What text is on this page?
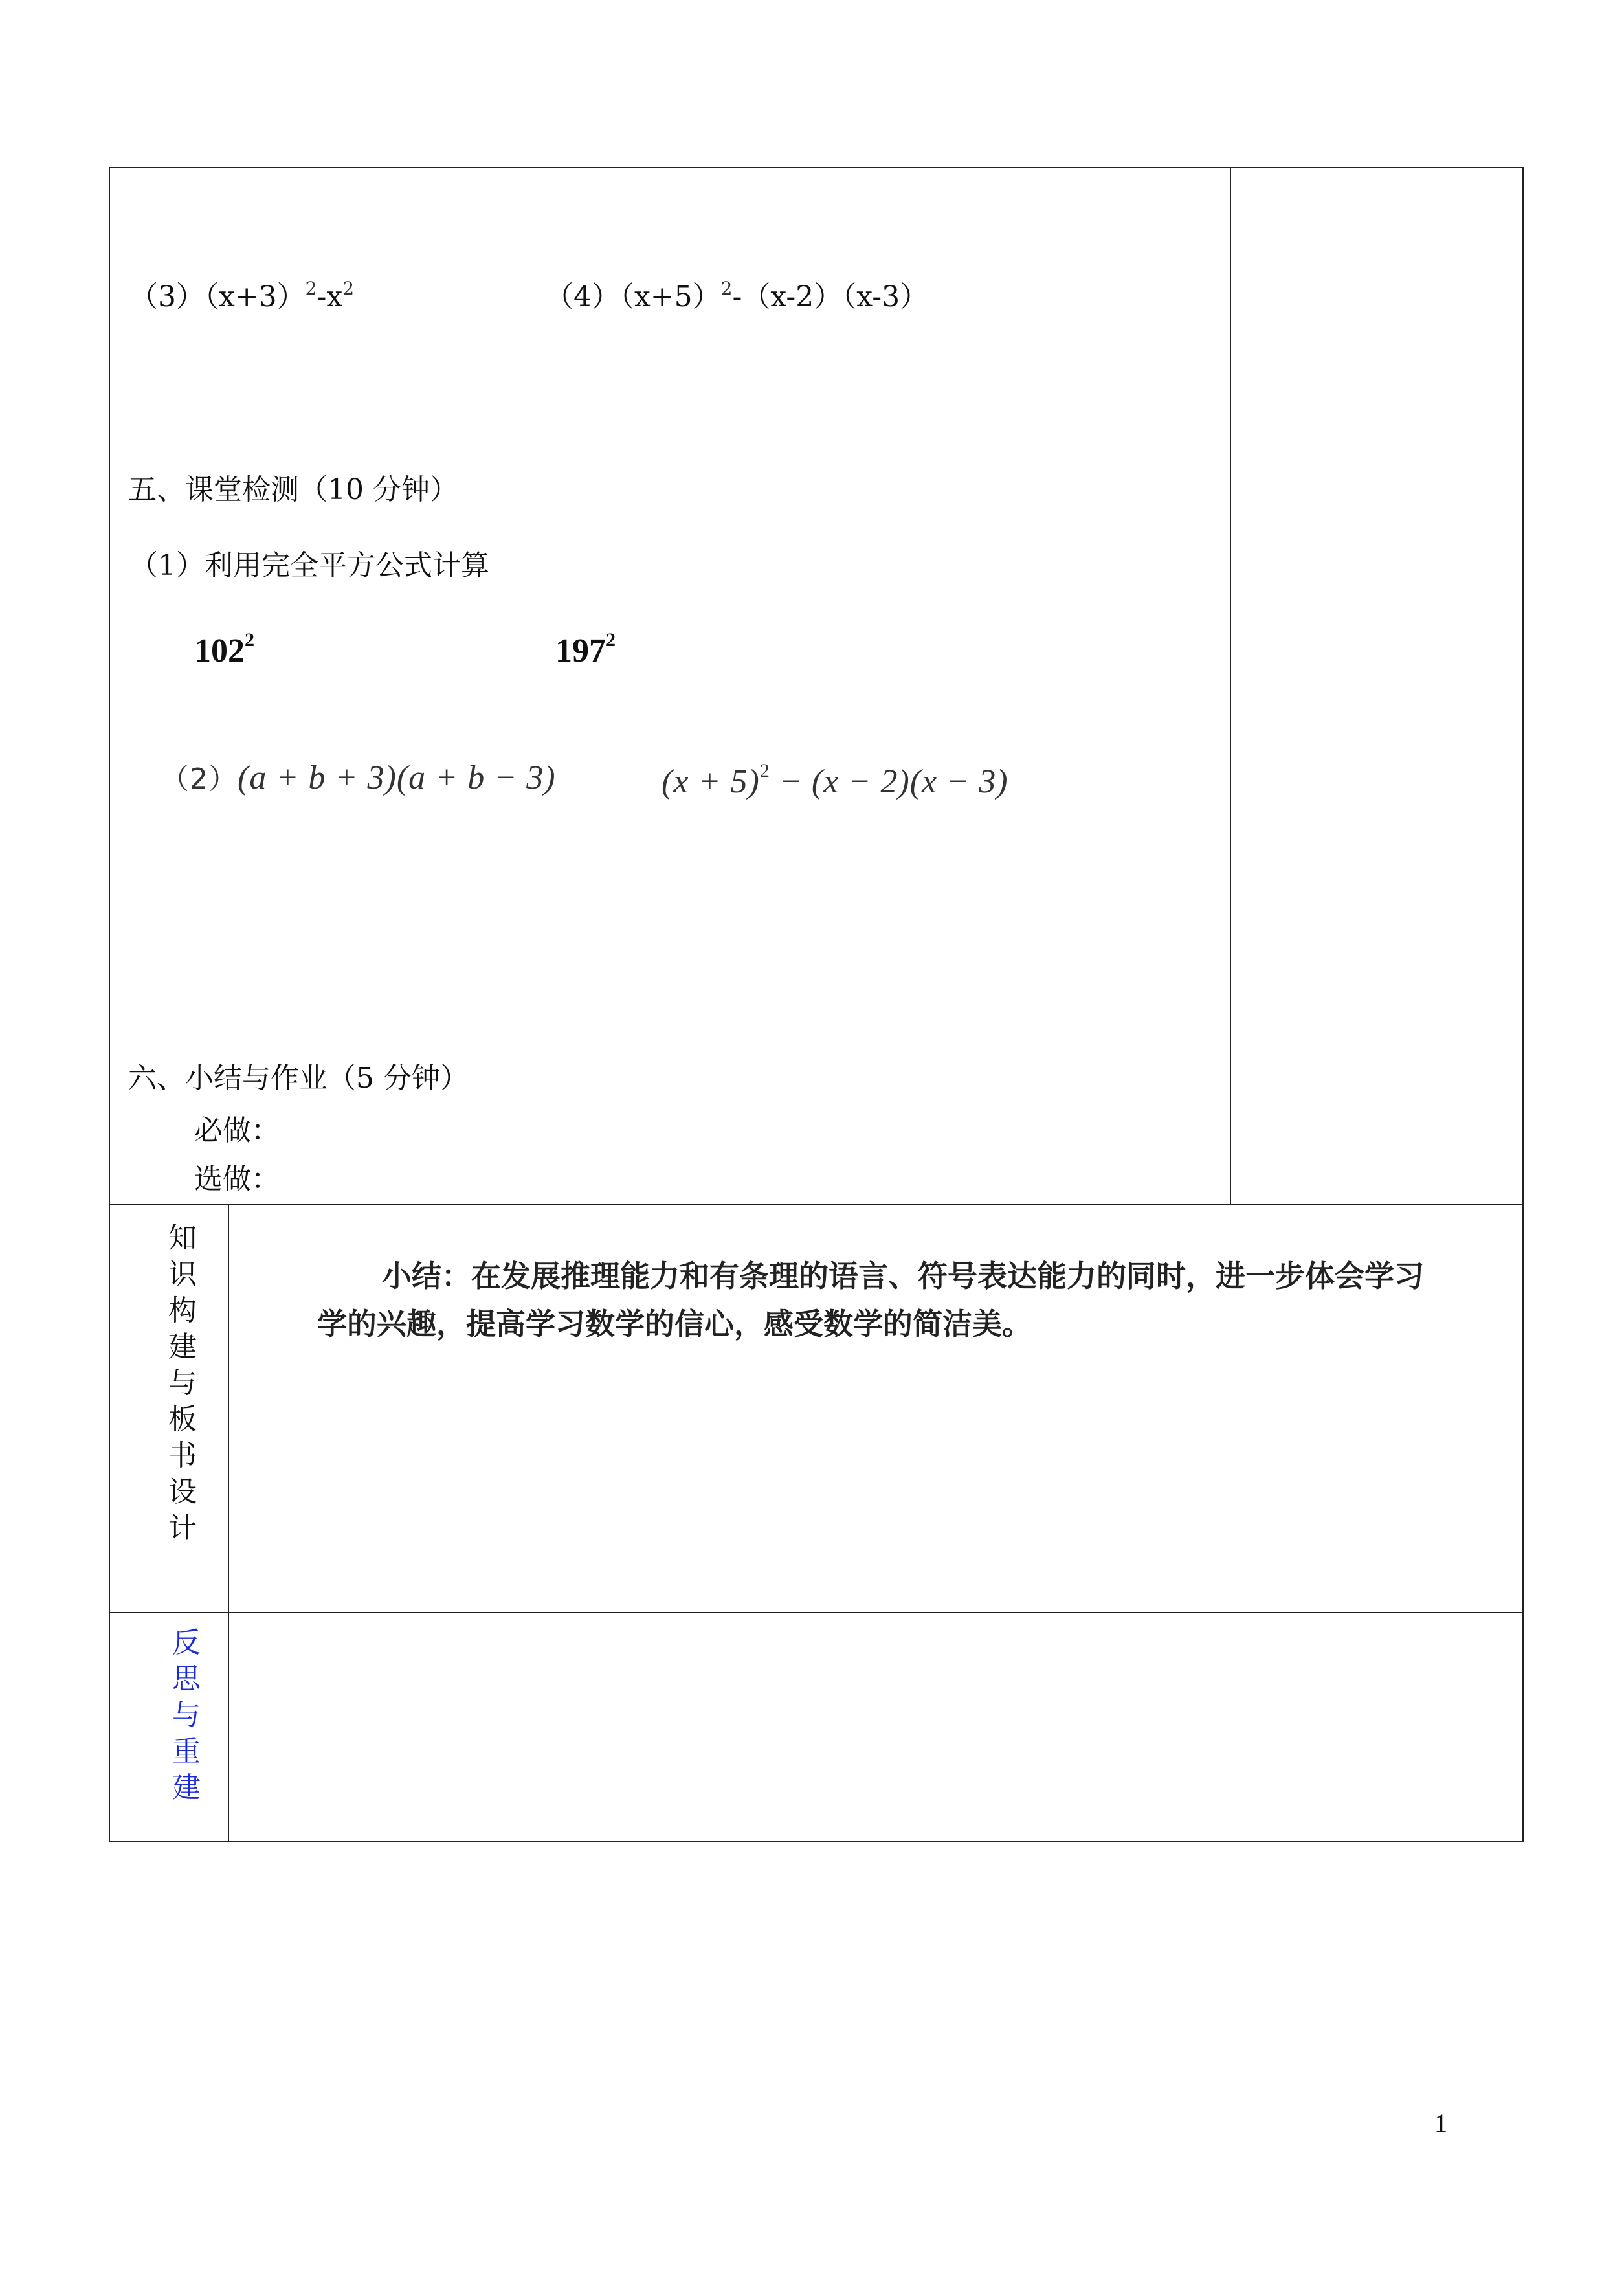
$(3)(x+3)^2-x^2$	$(4)(x+5)^2-(x-2)(x-3)$
五、课堂检测（10 分钟）
（1）利用完全平方公式计算
$102^2$	$197^2$
（2）(a + b + 3)(a + b − 3)	$(x + 5)^2 - (x - 2)(x - 3)$
六、小结与作业（5 分钟）
必做：
选做：
知识构建与板书设计
小结：在发展推理能力和有条理的语言、符号表达能力的同时，进一步体会学习
学的兴趣，提高学习数学的信心，感受数学的简洁美。
反思与重建
1
